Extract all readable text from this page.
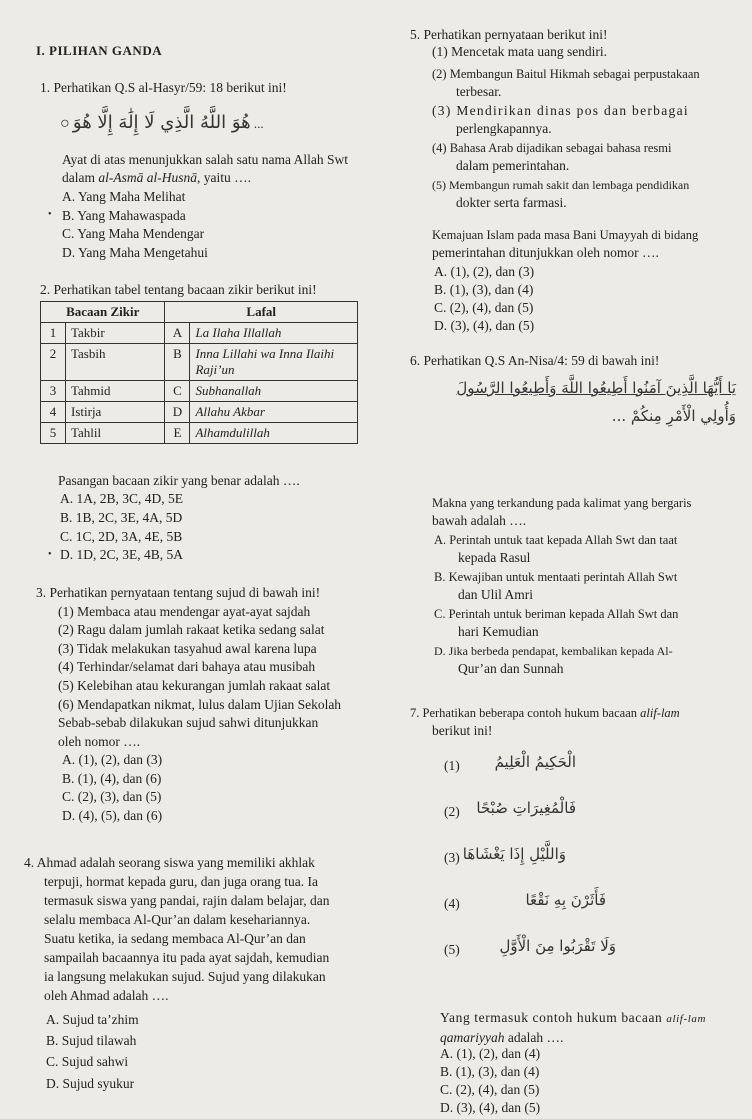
I. PILIHAN GANDA
1. Perhatikan Q.S al-Hasyr/59: 18 berikut ini!
○ هُوَ اللَّهُ الَّذِي لَا إِلَٰهَ إِلَّا هُوَ ...
Ayat di atas menunjukkan salah satu nama Allah Swt
dalam al-Asmā al-Husnā, yaitu ….
A. Yang Maha Melihat
• B. Yang Mahawaspada
C. Yang Maha Mendengar
D. Yang Maha Mengetahui
2. Perhatikan tabel tentang bacaan zikir berikut ini!
Bacaan Zikir		Lafal	
1	Takbir	A	La Ilaha Illallah
2	Tasbih	B	Inna Lillahi wa Inna Ilaihi Raji’un
3	Tahmid	C	Subhanallah
4	Istirja	D	Allahu Akbar
5	Tahlil	E	Alhamdulillah
Pasangan bacaan zikir yang benar adalah ….
A. 1A, 2B, 3C, 4D, 5E
B. 1B, 2C, 3E, 4A, 5D
C. 1C, 2D, 3A, 4E, 5B
• D. 1D, 2C, 3E, 4B, 5A
3. Perhatikan pernyataan tentang sujud di bawah ini!
(1) Membaca atau mendengar ayat-ayat sajdah
(2) Ragu dalam jumlah rakaat ketika sedang salat
(3) Tidak melakukan tasyahud awal karena lupa
(4) Terhindar/selamat dari bahaya atau musibah
(5) Kelebihan atau kekurangan jumlah rakaat salat
(6) Mendapatkan nikmat, lulus dalam Ujian Sekolah
Sebab-sebab dilakukan sujud sahwi ditunjukkan
oleh nomor ….
A. (1), (2), dan (3)
B. (1), (4), dan (6)
C. (2), (3), dan (5)
D. (4), (5), dan (6)
4. Ahmad adalah seorang siswa yang memiliki akhlak
terpuji, hormat kepada guru, dan juga orang tua. Ia
termasuk siswa yang pandai, rajin dalam belajar, dan
selalu membaca Al-Qur’an dalam kesehariannya.
Suatu ketika, ia sedang membaca Al-Qur’an dan
sampailah bacaannya itu pada ayat sajdah, kemudian
ia langsung melakukan sujud. Sujud yang dilakukan
oleh Ahmad adalah ….
A. Sujud ta’zhim
B. Sujud tilawah
C. Sujud sahwi
D. Sujud syukur
5. Perhatikan pernyataan berikut ini!
(1) Mencetak mata uang sendiri.
(2) Membangun Baitul Hikmah sebagai perpustakaan
terbesar.
(3) Mendirikan dinas pos dan berbagai
perlengkapannya.
(4) Bahasa Arab dijadikan sebagai bahasa resmi
dalam pemerintahan.
(5) Membangun rumah sakit dan lembaga pendidikan
dokter serta farmasi.
Kemajuan Islam pada masa Bani Umayyah di bidang
pemerintahan ditunjukkan oleh nomor ….
A. (1), (2), dan (3)
B. (1), (3), dan (4)
C. (2), (4), dan (5)
D. (3), (4), dan (5)
6. Perhatikan Q.S An-Nisa/4: 59 di bawah ini!
يَا أَيُّهَا الَّذِينَ آمَنُوا أَطِيعُوا اللَّهَ وَأَطِيعُوا الرَّسُولَ
وَأُولِي الْأَمْرِ مِنكُمْ ...
Makna yang terkandung pada kalimat yang bergaris
bawah adalah ….
A. Perintah untuk taat kepada Allah Swt dan taat
kepada Rasul
B. Kewajiban untuk mentaati perintah Allah Swt
dan Ulil Amri
C. Perintah untuk beriman kepada Allah Swt dan
hari Kemudian
D. Jika berbeda pendapat, kembalikan kepada Al-
Qur’an dan Sunnah
7. Perhatikan beberapa contoh hukum bacaan alif-lam
berikut ini!
(1)	الْحَكِيمُ الْعَلِيمُ
(2)	فَالْمُغِيرَاتِ صُبْحًا
(3) وَاللَّيْلِ إِذَا يَغْشَاهَا
(4)	فَأَثَرْنَ بِهِ نَقْعًا
(5)	وَلَا تَقْرَبُوا مِنَ الْأَوَّلِ
Yang termasuk contoh hukum bacaan alif-lam
qamariyyah adalah ….
A. (1), (2), dan (4)
B. (1), (3), dan (4)
C. (2), (4), dan (5)
D. (3), (4), dan (5)
